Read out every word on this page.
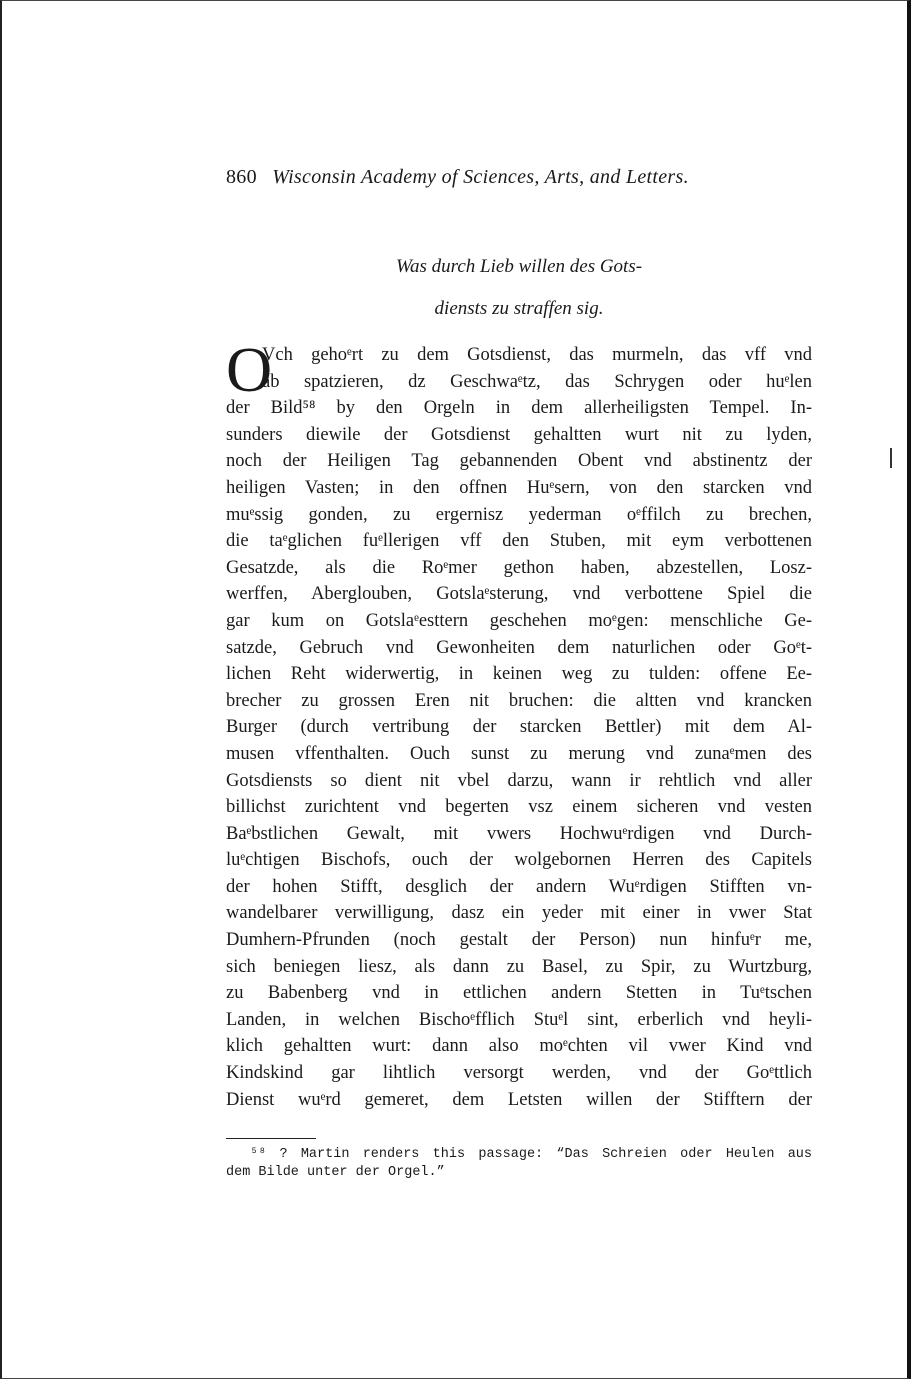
860 Wisconsin Academy of Sciences, Arts, and Letters.
Was durch Lieb willen des Gots-
diensts zu straffen sig.
O
Vch gehoᵉrt zu dem Gotsdienst, das murmeln, das vff vnd
ab spatzieren, dz Geschwaᵉtz, das Schrygen oder huᵉlen
der Bild⁵⁸ by den Orgeln in dem allerheiligsten Tempel. In-
sunders diewile der Gotsdienst gehaltten wurt nit zu lyden,
noch der Heiligen Tag gebannenden Obent vnd abstinentz der
heiligen Vasten; in den offnen Huᵉsern, von den starcken vnd
muᵉssig gonden, zu ergernisz yederman oᵉffilch zu brechen,
die taᵉglichen fuᵉllerigen vff den Stuben, mit eym verbottenen
Gesatzde, als die Roᵉmer gethon haben, abzestellen, Losz-
werffen, Aberglouben, Gotslaᵉsterung, vnd verbottene Spiel die
gar kum on Gotslaᵉesttern geschehen moᵉgen: menschliche Ge-
satzde, Gebruch vnd Gewonheiten dem naturlichen oder Goᵉt-
lichen Reht widerwertig, in keinen weg zu tulden: offene Ee-
brecher zu grossen Eren nit bruchen: die altten vnd krancken
Burger (durch vertribung der starcken Bettler) mit dem Al-
musen vffenthalten. Ouch sunst zu merung vnd zunaᵉmen des
Gotsdiensts so dient nit vbel darzu, wann ir rehtlich vnd aller
billichst zurichtent vnd begerten vsz einem sicheren vnd vesten
Baᵉbstlichen Gewalt, mit vwers Hochwuᵉrdigen vnd Durch-
luᵉchtigen Bischofs, ouch der wolgebornen Herren des Capitels
der hohen Stifft, desglich der andern Wuᵉrdigen Stifften vn-
wandelbarer verwilligung, dasz ein yeder mit einer in vwer Stat
Dumhern-Pfrunden (noch gestalt der Person) nun hinfuᵉr me,
sich beniegen liesz, als dann zu Basel, zu Spir, zu Wurtzburg,
zu Babenberg vnd in ettlichen andern Stetten in Tuᵉtschen
Landen, in welchen Bischoᵉfflich Stuᵉl sint, erberlich vnd heyli-
klich gehaltten wurt: dann also moᵉchten vil vwer Kind vnd
Kindskind gar lihtlich versorgt werden, vnd der Goᵉttlich
Dienst wuᵉrd gemeret, dem Letsten willen der Stifftern der
⁵⁸ ? Martin renders this passage: “Das Schreien oder Heulen aus
dem Bilde unter der Orgel.”
